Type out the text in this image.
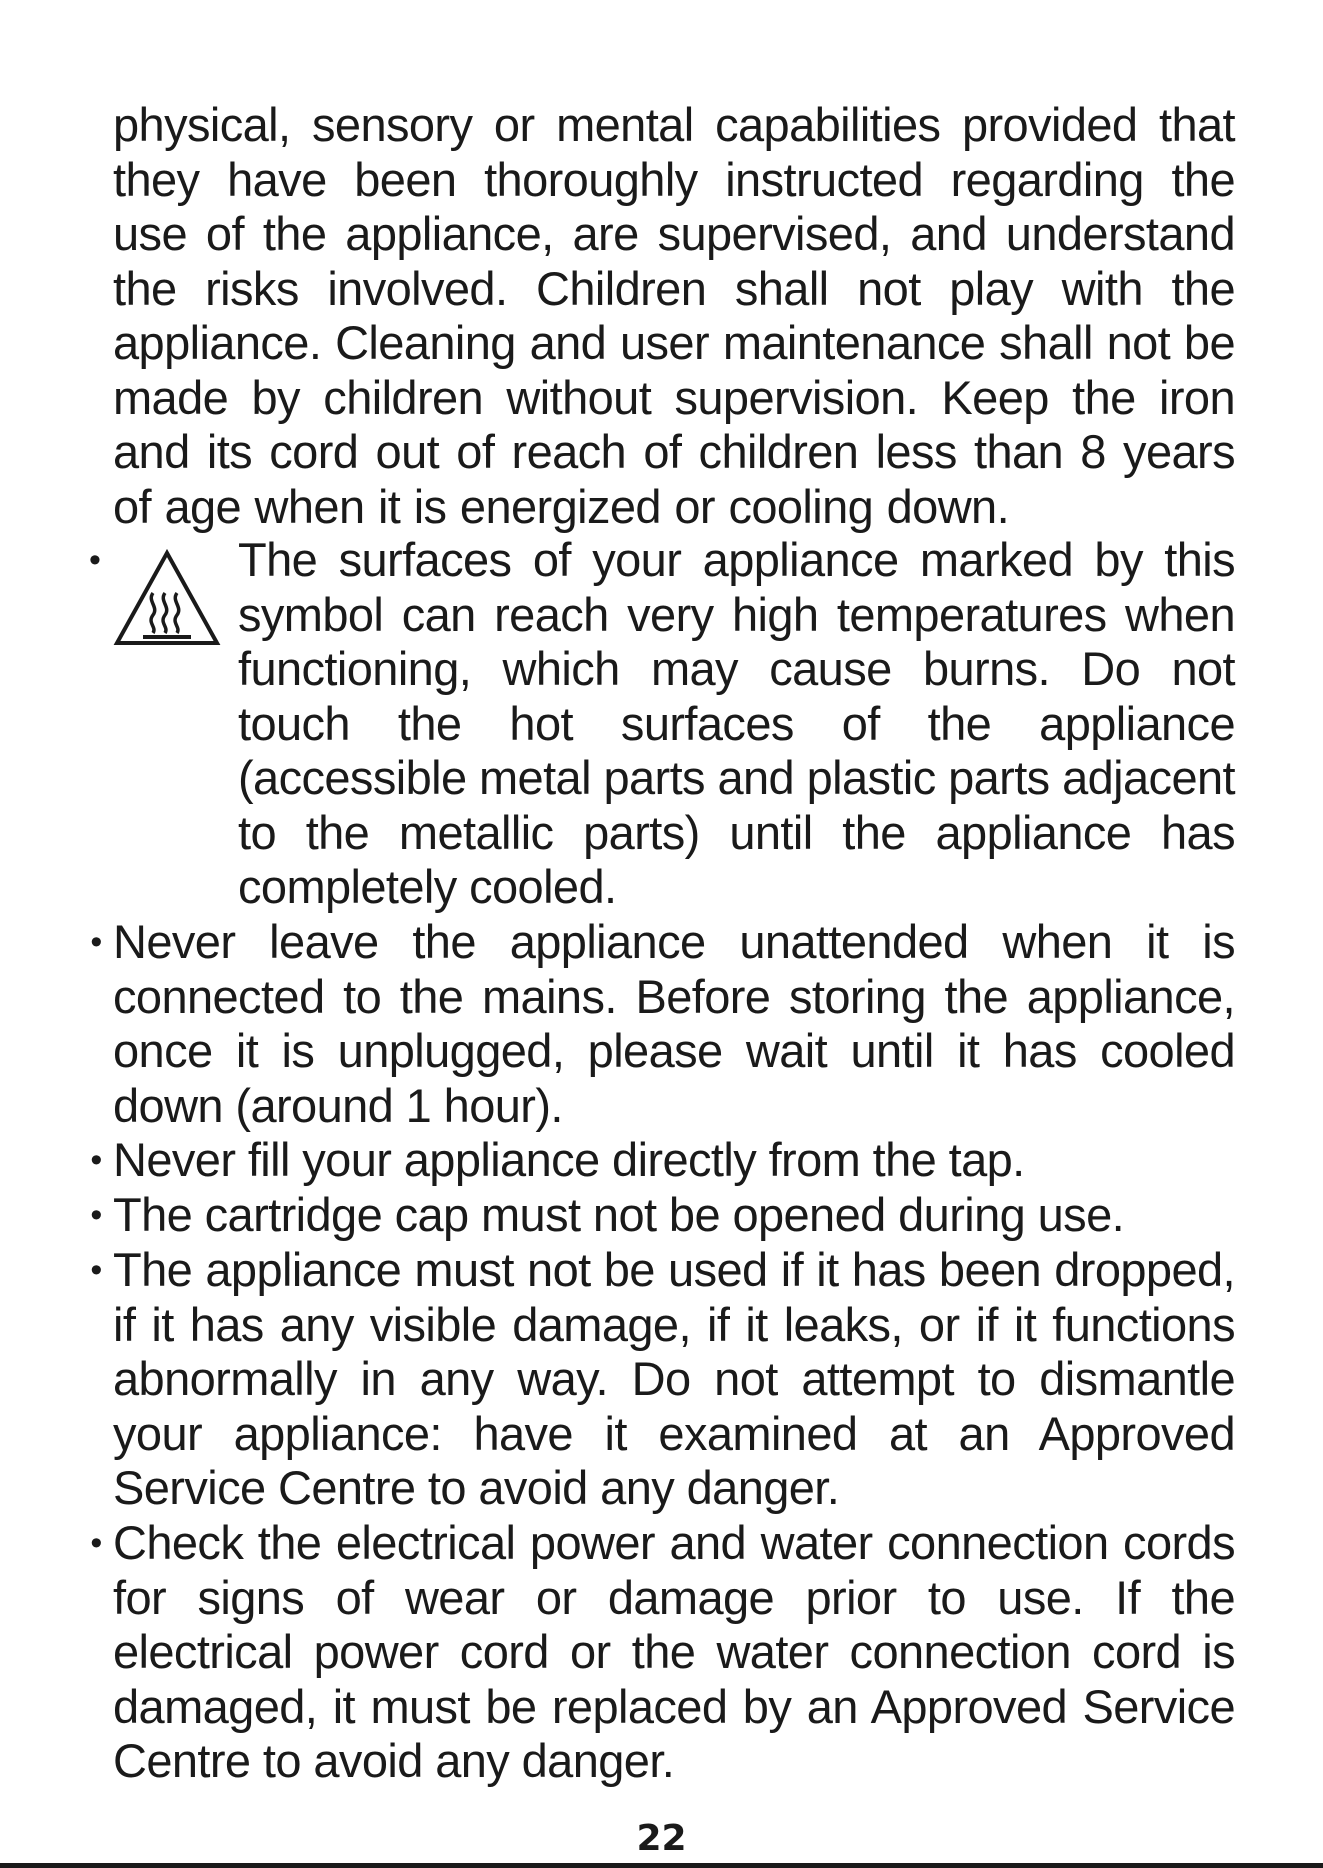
physical, sensory or mental capabilities provided that they have been thoroughly instructed regarding the use of the appliance, are supervised, and understand the risks involved. Children shall not play with the appliance. Cleaning and user maintenance shall not be made by children without supervision. Keep the iron and its cord out of reach of children less than 8 years of age when it is energized or cooling down.
•	The surfaces of your appliance marked by this symbol can reach very high temperatures when functioning, which may cause burns. Do not touch the hot surfaces of the appliance (accessible metal parts and plastic parts adjacent to the metallic parts) until the appliance has completely cooled.
• Never leave the appliance unattended when it is connected to the mains. Before storing the appliance, once it is unplugged, please wait until it has cooled down (around 1 hour).
• Never fill your appliance directly from the tap.
• The cartridge cap must not be opened during use.
• The appliance must not be used if it has been dropped, if it has any visible damage, if it leaks, or if it functions abnormally in any way. Do not attempt to dismantle your appliance: have it examined at an Approved Service Centre to avoid any danger.
• Check the electrical power and water connection cords for signs of wear or damage prior to use. If the electrical power cord or the water connection cord is damaged, it must be replaced by an Approved Service Centre to avoid any danger.
22
